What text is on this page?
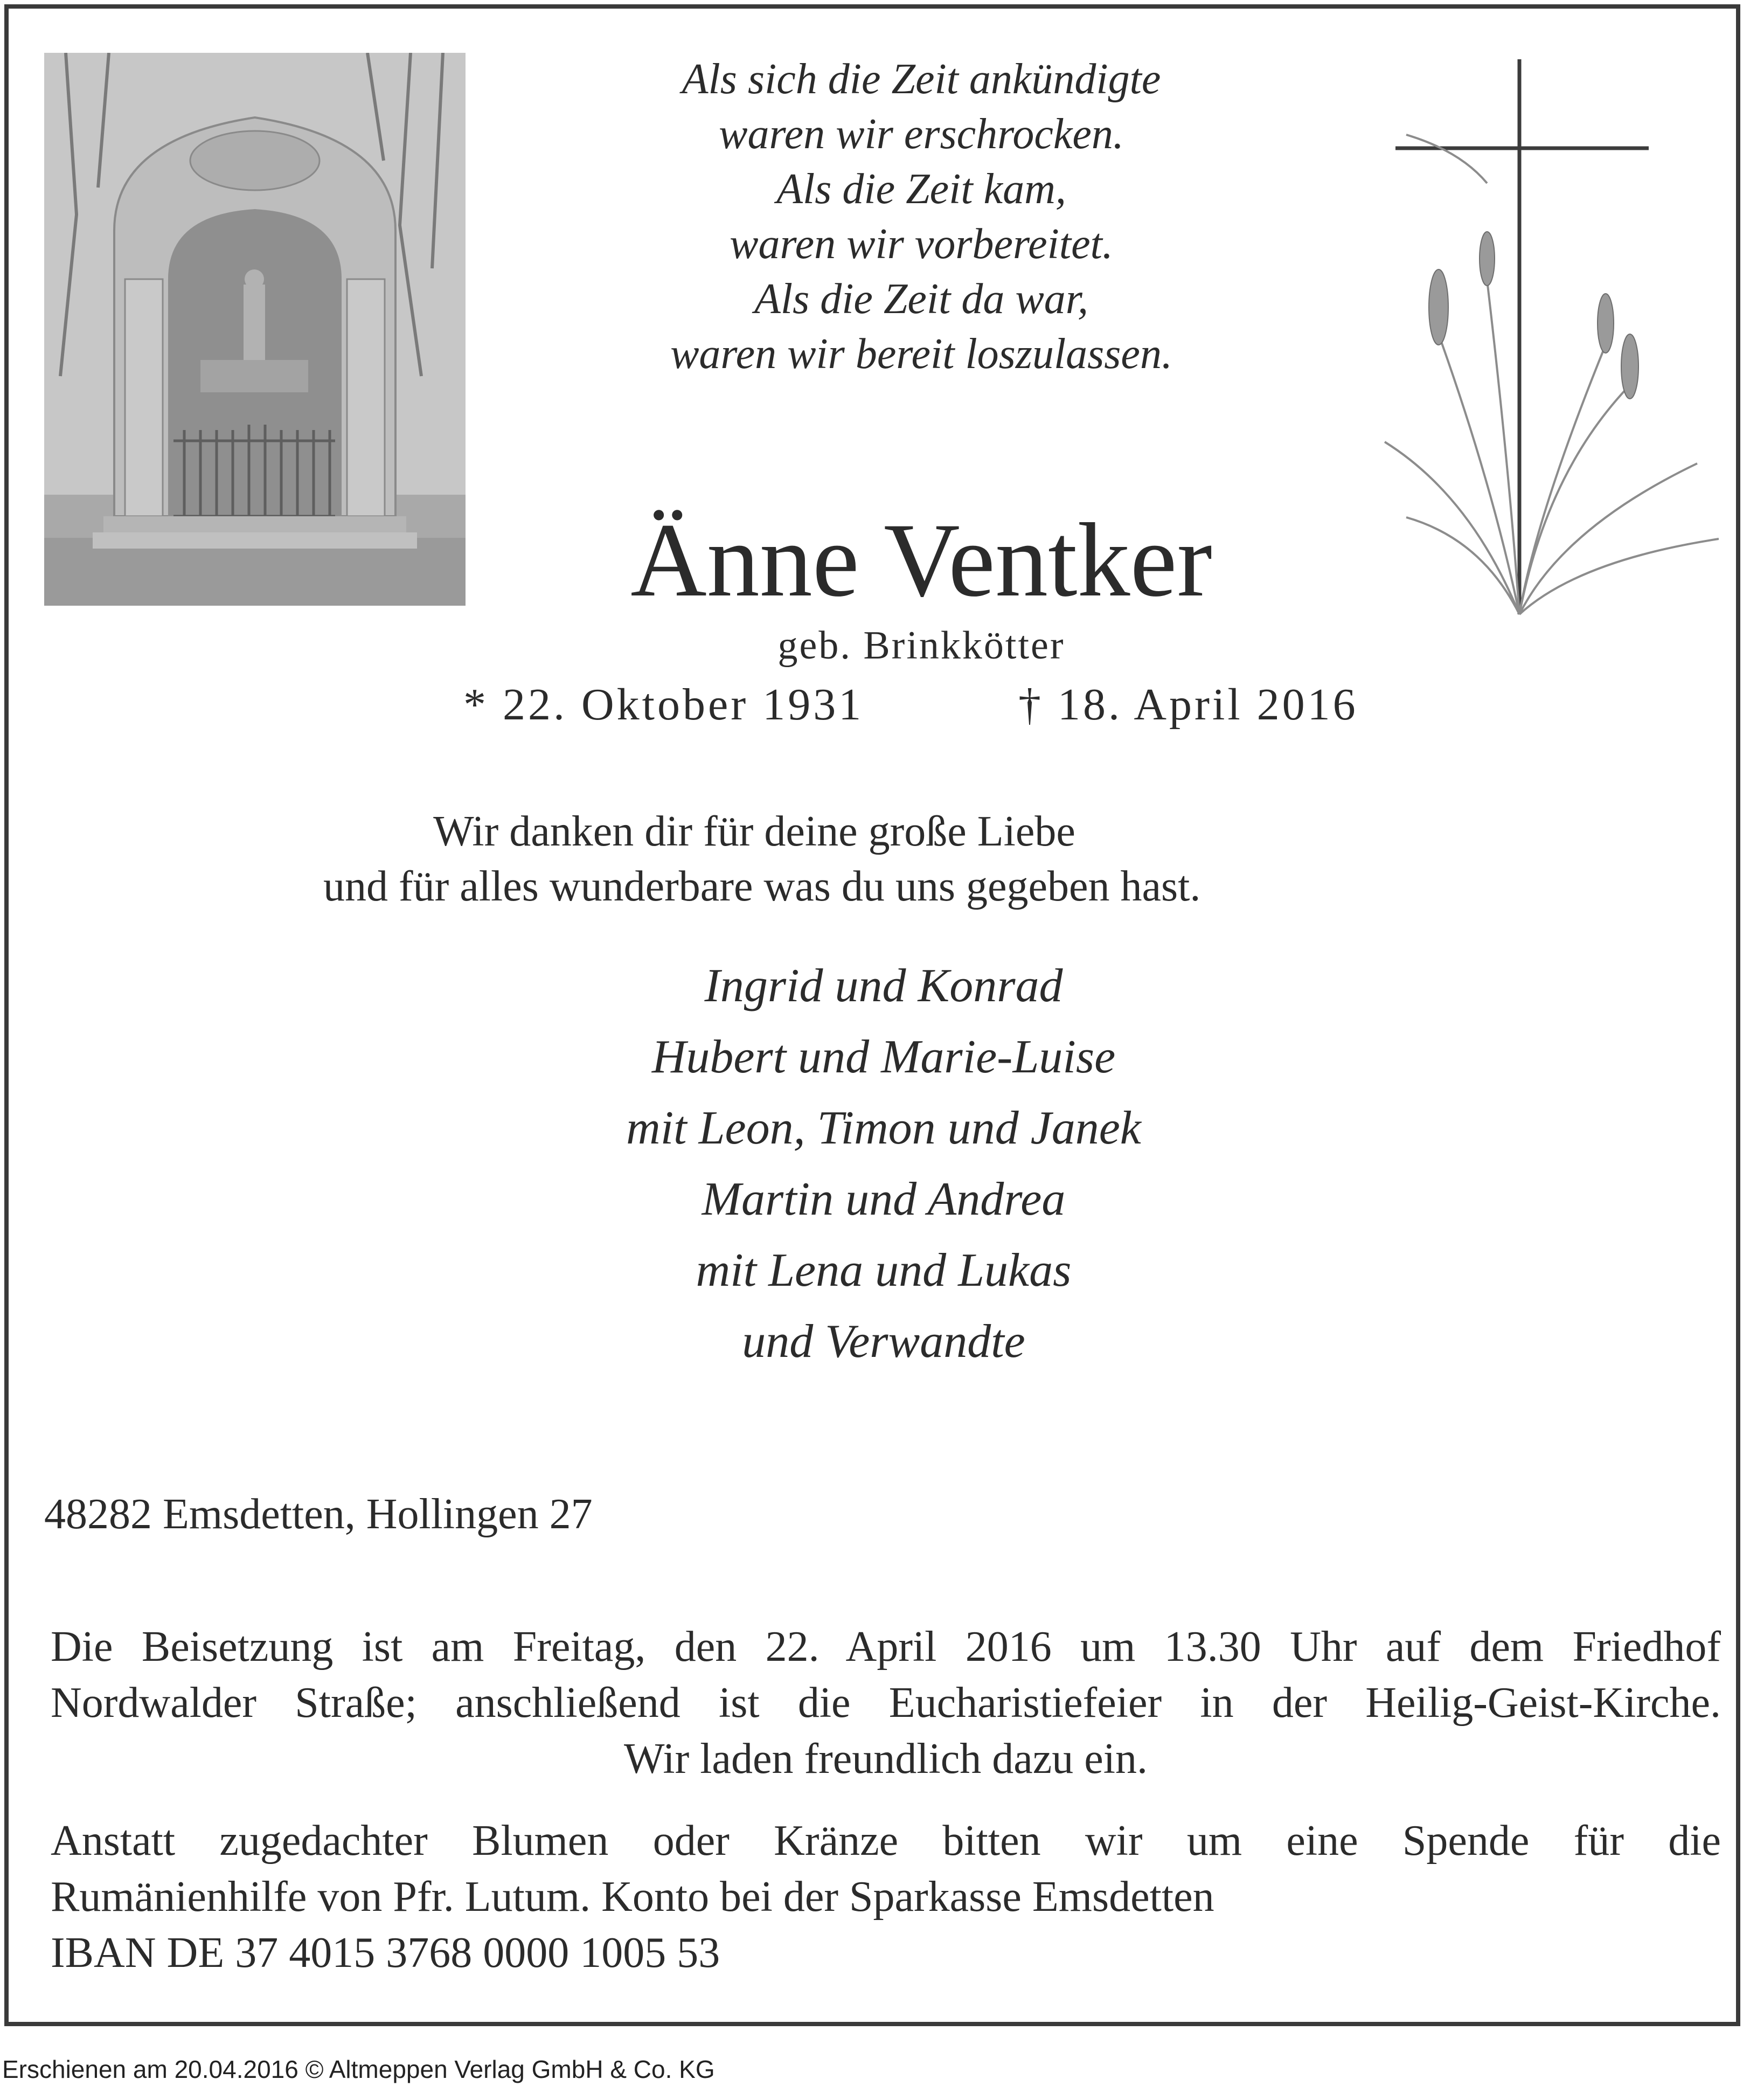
Als sich die Zeit ankündigte
waren wir erschrocken.
Als die Zeit kam,
waren wir vorbereitet.
Als die Zeit da war,
waren wir bereit loszulassen.
Änne Ventker
geb. Brinkkötter
* 22. Oktober 1931	† 18. April 2016
Wir danken dir für deine große Liebe
und für alles wunderbare was du uns gegeben hast.
Ingrid und Konrad
Hubert und Marie-Luise
mit Leon, Timon und Janek
Martin und Andrea
mit Lena und Lukas
und Verwandte
48282 Emsdetten, Hollingen 27
Die Beisetzung ist am Freitag, den 22. April 2016 um 13.30 Uhr auf dem Friedhof
Nordwalder Straße; anschließend ist die Eucharistiefeier in der Heilig-Geist-Kirche.
Wir laden freundlich dazu ein.
Anstatt zugedachter Blumen oder Kränze bitten wir um eine Spende für die
Rumänienhilfe von Pfr. Lutum. Konto bei der Sparkasse Emsdetten
IBAN DE 37 4015 3768 0000 1005 53
Erschienen am 20.04.2016 © Altmeppen Verlag GmbH & Co. KG
